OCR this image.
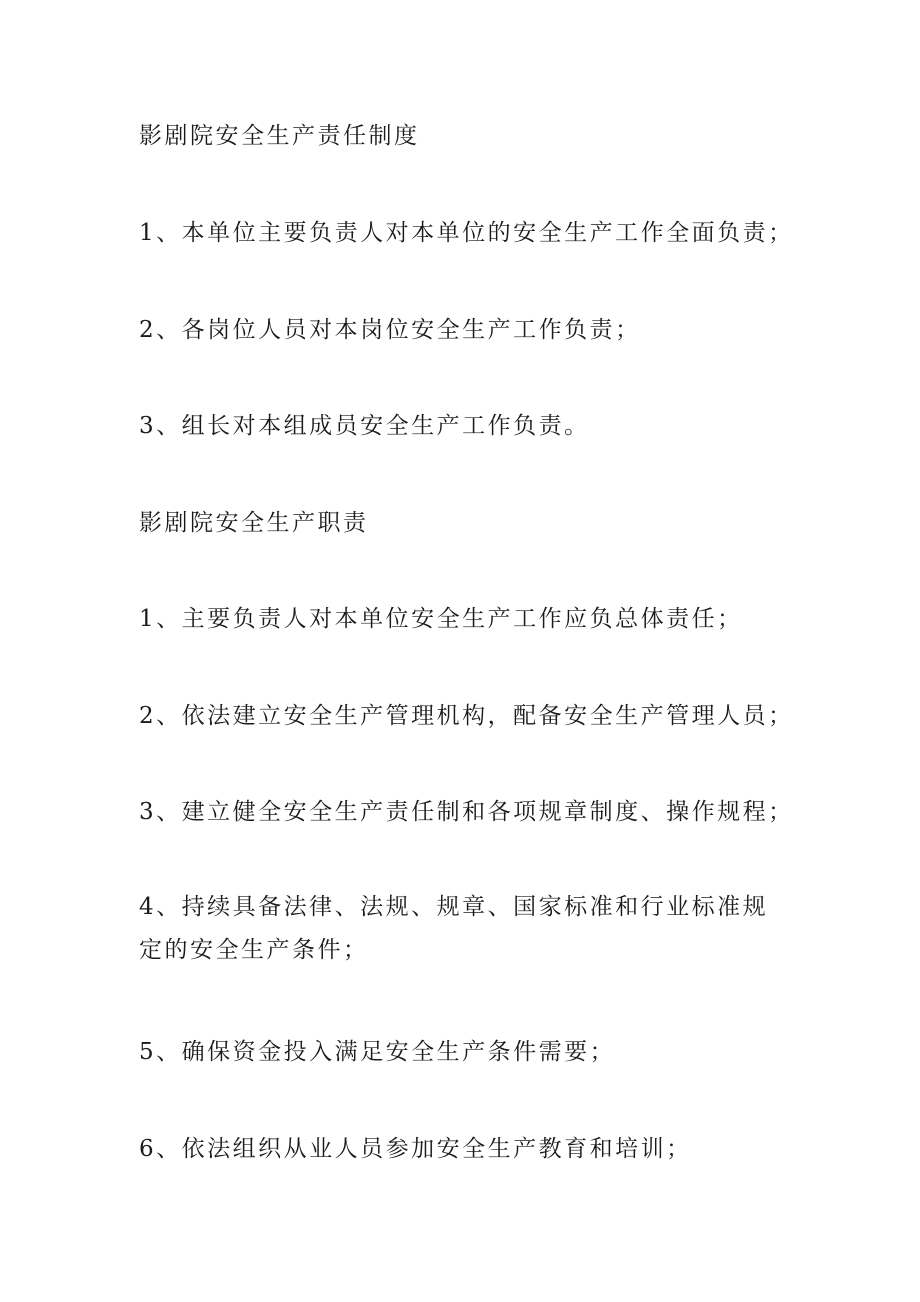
影剧院安全生产责任制度
1、本单位主要负责人对本单位的安全生产工作全面负责；
2、各岗位人员对本岗位安全生产工作负责；
3、组长对本组成员安全生产工作负责。
影剧院安全生产职责
1、主要负责人对本单位安全生产工作应负总体责任；
2、依法建立安全生产管理机构，配备安全生产管理人员；
3、建立健全安全生产责任制和各项规章制度、操作规程；
4、持续具备法律、法规、规章、国家标准和行业标准规定的安全生产条件；
5、确保资金投入满足安全生产条件需要；
6、依法组织从业人员参加安全生产教育和培训；
